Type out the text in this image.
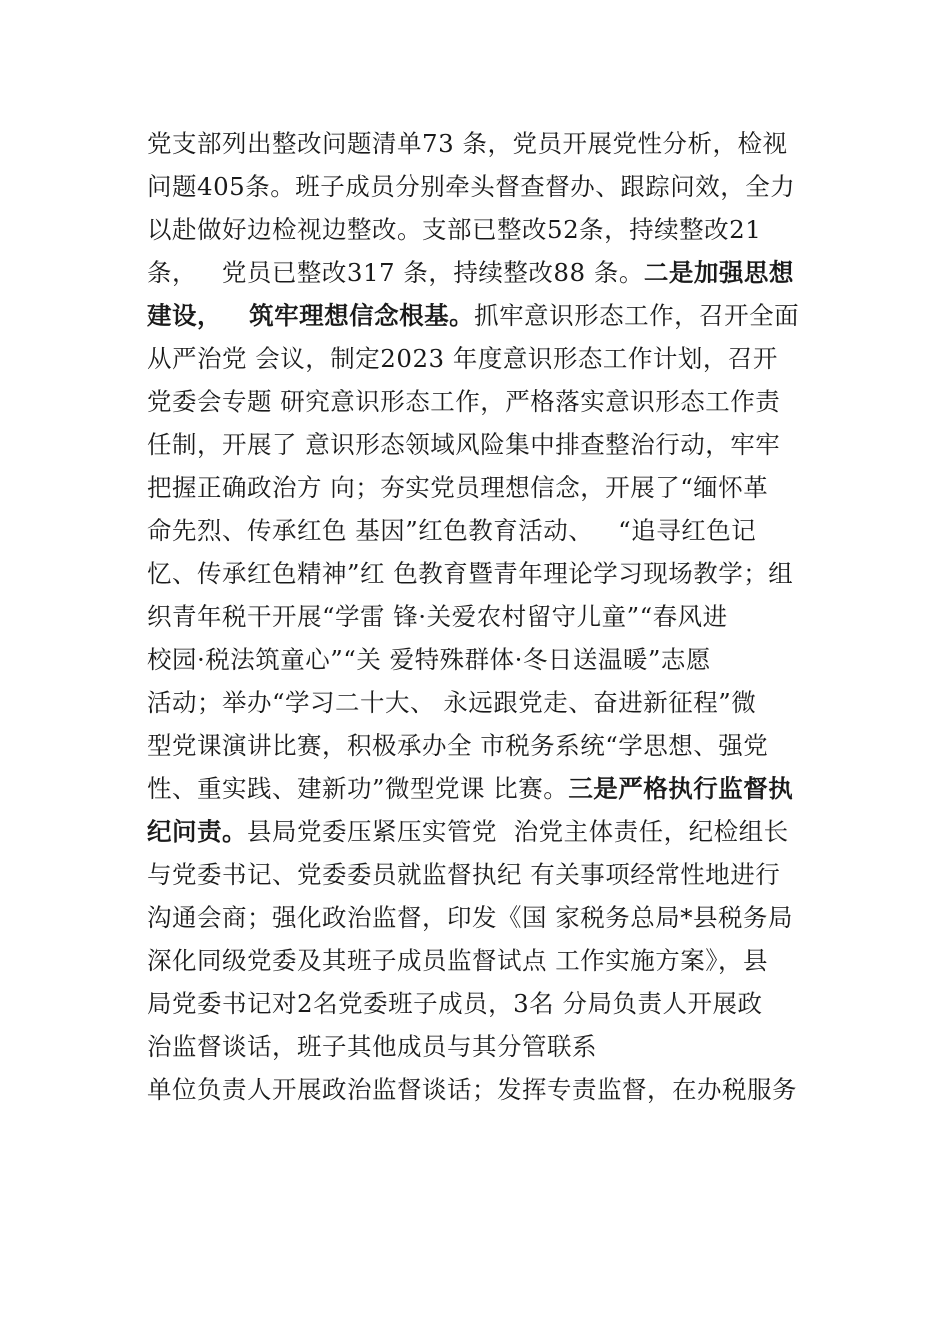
党支部列出整改问题清单73 条，党员开展党性分析，检视
问题405条。班子成员分别牵头督查督办、跟踪问效，全力
以赴做好边检视边整改。支部已整改52条，持续整改21
条，   党员已整改317 条，持续整改88 条。二是加强思想
建设，   筑牢理想信念根基。抓牢意识形态工作，召开全面
从严治党 会议，制定2023 年度意识形态工作计划，召开
党委会专题 研究意识形态工作，严格落实意识形态工作责
任制，开展了 意识形态领域风险集中排查整治行动，牢牢
把握正确政治方 向；夯实党员理想信念，开展了“缅怀革
命先烈、传承红色 基因”红色教育活动、   “追寻红色记
忆、传承红色精神”红 色教育暨青年理论学习现场教学；组
织青年税干开展“学雷 锋·关爱农村留守儿童”“春风进
校园·税法筑童心”“关 爱特殊群体·冬日送温暖”志愿
活动；举办“学习二十大、 永远跟党走、奋进新征程”微
型党课演讲比赛，积极承办全 市税务系统“学思想、强党
性、重实践、建新功”微型党课 比赛。三是严格执行监督执
纪问责。县局党委压紧压实管党  治党主体责任，纪检组长
与党委书记、党委委员就监督执纪 有关事项经常性地进行
沟通会商；强化政治监督，印发《国 家税务总局*县税务局
深化同级党委及其班子成员监督试点 工作实施方案》，县
局党委书记对2名党委班子成员，3名 分局负责人开展政
治监督谈话，班子其他成员与其分管联系
单位负责人开展政治监督谈话；发挥专责监督，在办税服务
